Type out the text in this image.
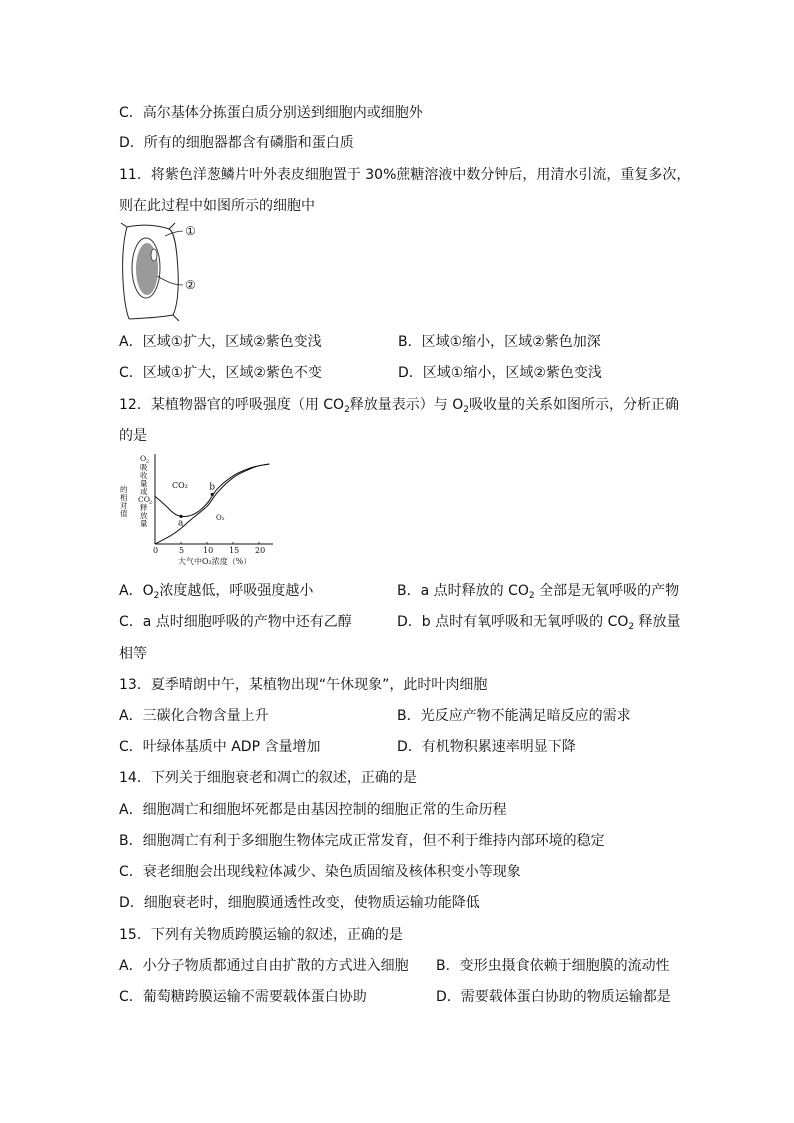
C．高尔基体分拣蛋白质分别送到细胞内或细胞外
D．所有的细胞器都含有磷脂和蛋白质
11．将紫色洋葱鳞片叶外表皮细胞置于 30%蔗糖溶液中数分钟后，用清水引流，重复多次，
则在此过程中如图所示的细胞中
①
②
A．区域①扩大，区域②紫色变浅	B．区域①缩小，区域②紫色加深
C．区域①扩大，区域②紫色不变	D．区域①缩小，区域②紫色变浅
12．某植物器官的呼吸强度（用 $CO_2$释放量表示）与 $O_2$吸收量的关系如图所示，分析正确
的是
O 2
吸
收
量
或
CO 2
释
放
量
的
相
对
值
0	5 10 15 20
a
b
CO₂
O₂
大气中O₂浓度（%）
A．$O_2$浓度越低，呼吸强度越小	B．a 点时释放的 $CO_2$ 全部是无氧呼吸的产物
C．a 点时细胞呼吸的产物中还有乙醇	D．b 点时有氧呼吸和无氧呼吸的 $CO_2$ 释放量
相等
13．夏季晴朗中午，某植物出现“午休现象”，此时叶肉细胞
A．三碳化合物含量上升	B．光反应产物不能满足暗反应的需求
C．叶绿体基质中 ADP 含量增加	D．有机物积累速率明显下降
14．下列关于细胞衰老和凋亡的叙述，正确的是
A．细胞凋亡和细胞坏死都是由基因控制的细胞正常的生命历程
B．细胞凋亡有利于多细胞生物体完成正常发育，但不利于维持内部环境的稳定
C．衰老细胞会出现线粒体减少、染色质固缩及核体积变小等现象
D．细胞衰老时，细胞膜通透性改变，使物质运输功能降低
15．下列有关物质跨膜运输的叙述，正确的是
A．小分子物质都通过自由扩散的方式进入细胞 B．变形虫摄食依赖于细胞膜的流动性
C．葡萄糖跨膜运输不需要载体蛋白协助	D．需要载体蛋白协助的物质运输都是
